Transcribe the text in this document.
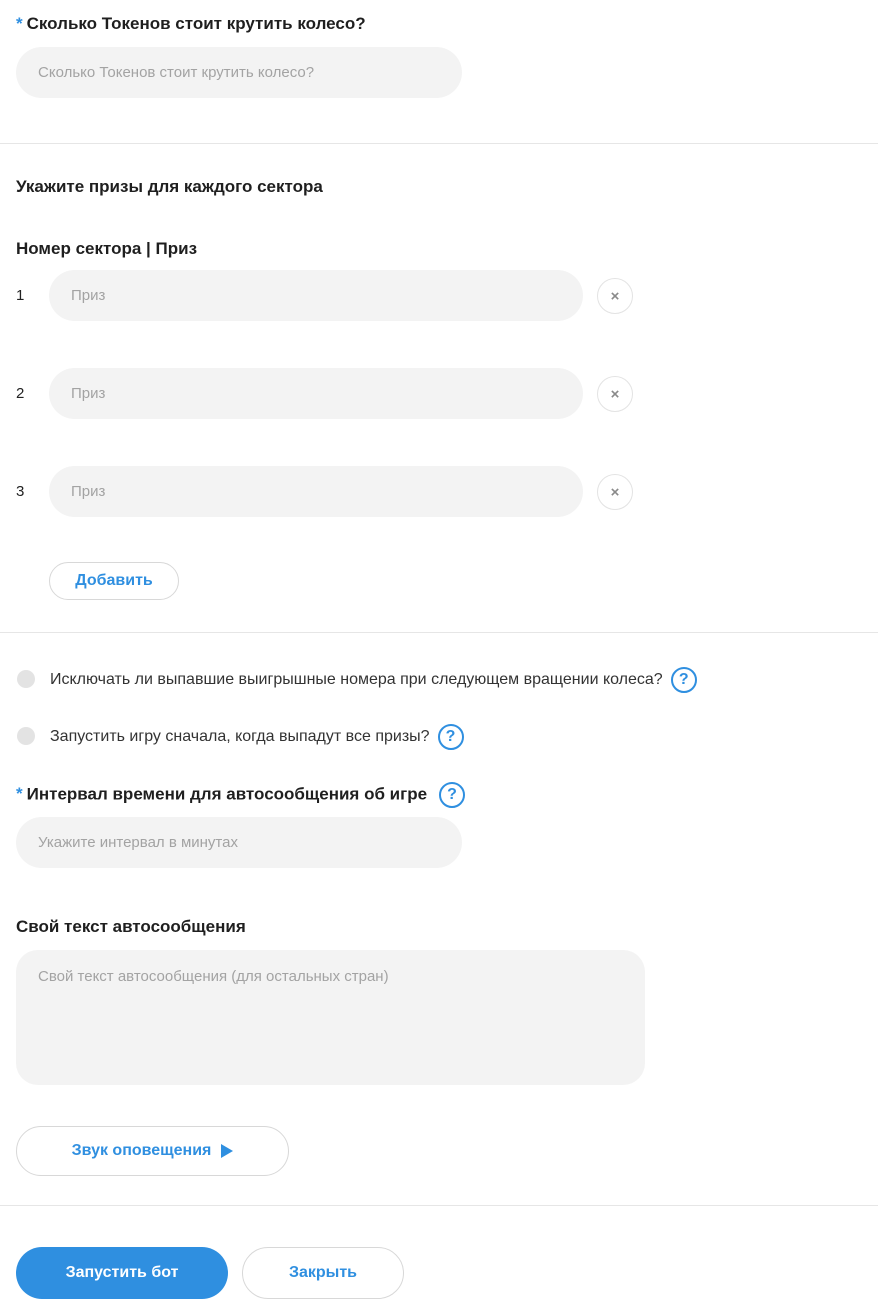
* Сколько Токенов стоит крутить колесо?
Сколько Токенов стоит крутить колесо?
Укажите призы для каждого сектора
Номер сектора | Приз
1
Приз	×
2
Приз	×
3
Приз	×
Добавить
Исключать ли выпавшие выигрышные номера при следующем вращении колеса? ?
Запустить игру сначала, когда выпадут все призы? ?
* Интервал времени для автосообщения об игре ?
Укажите интервал в минутах
Свой текст автосообщения
Свой текст автосообщения (для остальных стран)
Звук оповещения
Запустить бот	Закрыть
